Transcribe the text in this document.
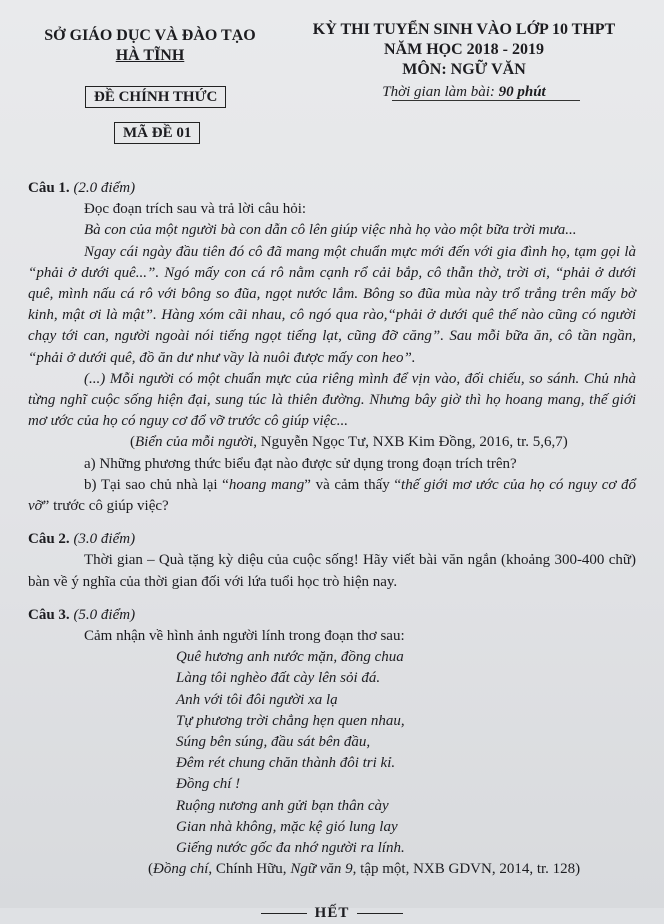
SỞ GIÁO DỤC VÀ ĐÀO TẠO
HÀ TĨNH
ĐỀ CHÍNH THỨC
MÃ ĐỀ 01
KỲ THI TUYỂN SINH VÀO LỚP 10 THPT
NĂM HỌC 2018 - 2019
MÔN: NGỮ VĂN
Thời gian làm bài: 90 phút

Câu 1. (2.0 điểm)

Đọc đoạn trích sau và trả lời câu hỏi:

Bà con của một người bà con dẫn cô lên giúp việc nhà họ vào một bữa trời mưa...

Ngay cái ngày đầu tiên đó cô đã mang một chuẩn mực mới đến với gia đình họ, tạm gọi là “phải ở dưới quê...”. Ngó mấy con cá rô nằm cạnh rổ cải bắp, cô thẫn thờ, trời ơi, “phải ở dưới quê, mình nấu cá rô với bông so đũa, ngọt nước lắm. Bông so đũa mùa này trổ trắng trên mấy bờ kinh, mật ơi là mật”. Hàng xóm cãi nhau, cô ngó qua rào,“phải ở dưới quê thế nào cũng có người chạy tới can, người ngoài nói tiếng ngọt tiếng lạt, cũng đỡ căng”. Sau mỗi bữa ăn, cô tần ngần, “phải ở dưới quê, đồ ăn dư như vầy là nuôi được mấy con heo”.

(...) Mỗi người có một chuẩn mực của riêng mình để vịn vào, đối chiếu, so sánh. Chủ nhà từng nghĩ cuộc sống hiện đại, sung túc là thiên đường. Nhưng bây giờ thì họ hoang mang, thế giới mơ ước của họ có nguy cơ đổ vỡ trước cô giúp việc...

(Biển của mỗi người, Nguyễn Ngọc Tư, NXB Kim Đồng, 2016, tr. 5,6,7)

a) Những phương thức biểu đạt nào được sử dụng trong đoạn trích trên?

b) Tại sao chủ nhà lại “hoang mang” và cảm thấy “thế giới mơ ước của họ có nguy cơ đổ vỡ” trước cô giúp việc?

Câu 2. (3.0 điểm)

Thời gian – Quà tặng kỳ diệu của cuộc sống! Hãy viết bài văn ngắn (khoảng 300-400 chữ) bàn về ý nghĩa của thời gian đối với lứa tuổi học trò hiện nay.

Câu 3. (5.0 điểm)

Cảm nhận về hình ảnh người lính trong đoạn thơ sau:

Quê hương anh nước mặn, đồng chua

Làng tôi nghèo đất cày lên sỏi đá.

Anh với tôi đôi người xa lạ

Tự phương trời chẳng hẹn quen nhau,

Súng bên súng, đầu sát bên đầu,

Đêm rét chung chăn thành đôi tri kỉ.

Đồng chí !

Ruộng nương anh gửi bạn thân cày

Gian nhà không, mặc kệ gió lung lay

Giếng nước gốc đa nhớ người ra lính.

(Đồng chí, Chính Hữu, Ngữ văn 9, tập một, NXB GDVN, 2014, tr. 128)

HẾT
